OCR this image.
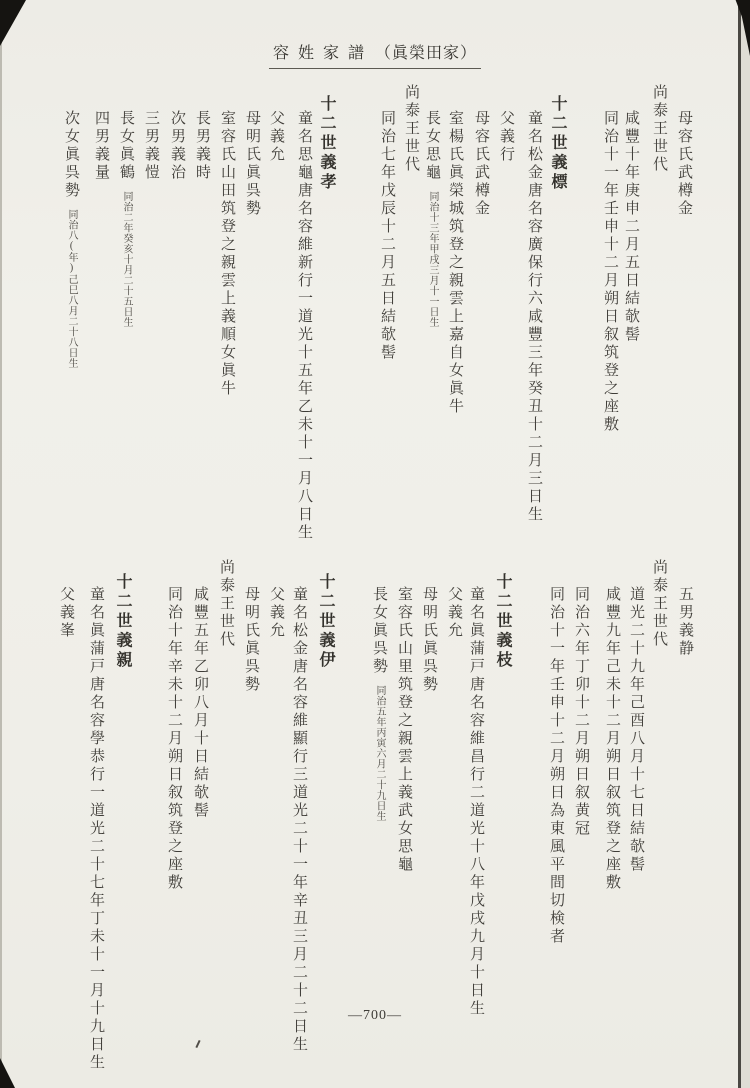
容姓家譜 （眞榮田家）
母容氏武樽金
尚泰王世代
咸豐十年庚申二月五日結欹髻
同治十一年壬申十二月朔日叙筑登之座敷
十二世義標
童名松金唐名容廣保行六咸豐三年癸丑十二月三日生
父義行
母容氏武樽金
室楊氏眞榮城筑登之親雲上嘉自女眞牛
長女思龜同治十三年甲戌三月十一日生
尚泰王世代
同治七年戊辰十二月五日結欹髻
十二世義孝
童名思龜唐名容維新行一道光十五年乙未十一月八日生
父義允
母明氏眞呉勢
室容氏山田筑登之親雲上義順女眞牛
長男義時
次男義治
三男義愷
長女眞鶴同治二年癸亥十月二十五日生
四男義量
次女眞呉勢同治八(年)己巳八月二十八日生
五男義静
尚泰王世代
道光二十九年己酉八月十七日結欹髻
咸豐九年己未十二月朔日叙筑登之座敷
同治六年丁卯十二月朔日叙黄冠
同治十一年壬申十二月朔日為東風平間切検者
十二世義枝
童名眞蒲戸唐名容維昌行二道光十八年戊戌九月十日生
父義允
母明氏眞呉勢
室容氏山里筑登之親雲上義武女思龜
長女眞呉勢同治五年丙寅六月二十九日生
十二世義伊
童名松金唐名容維顯行三道光二十一年辛丑三月二十二日生
父義允
母明氏眞呉勢
尚泰王世代
咸豐五年乙卯八月十日結欹髻
同治十年辛未十二月朔日叙筑登之座敷
十二世義親
童名眞蒲戸唐名容學恭行一道光二十七年丁未十一月十九日生
父義峯
―700―
